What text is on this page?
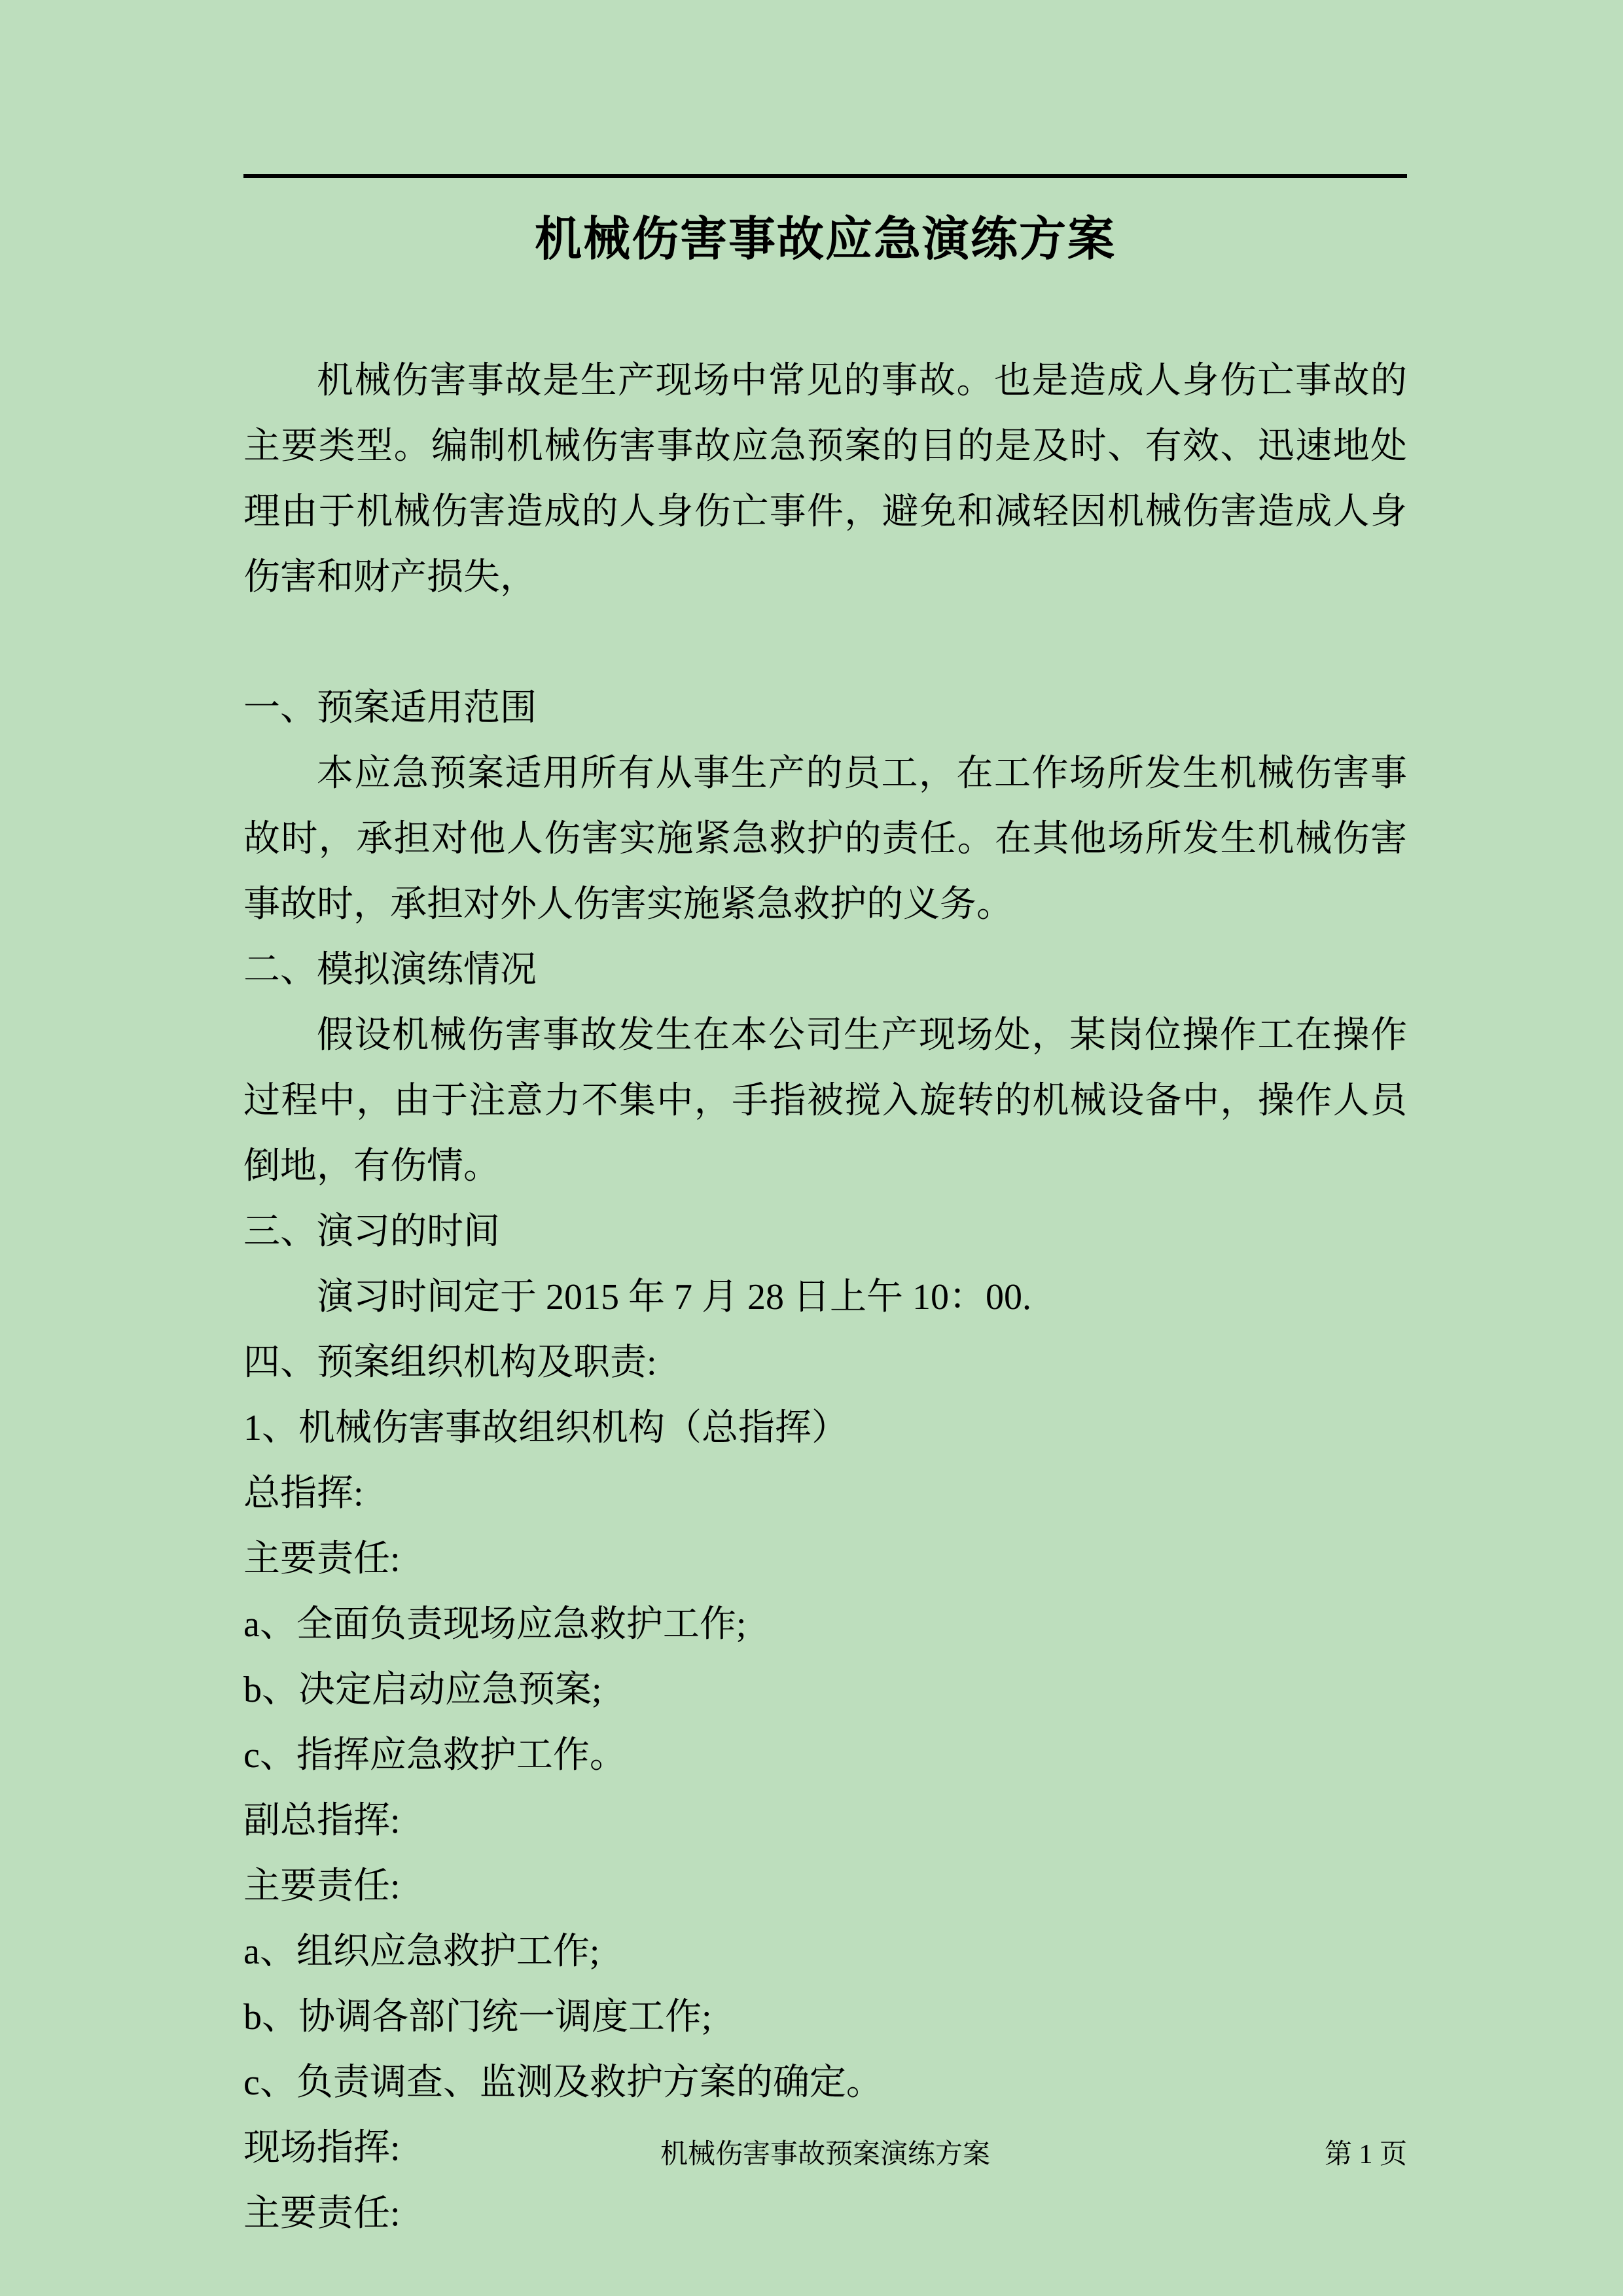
机械伤害事故应急演练方案

机械伤害事故是生产现场中常见的事故。也是造成人身伤亡事故的主要类型。编制机械伤害事故应急预案的目的是及时、有效、迅速地处理由于机械伤害造成的人身伤亡事件，避免和减轻因机械伤害造成人身伤害和财产损失，

一、预案适用范围

本应急预案适用所有从事生产的员工，在工作场所发生机械伤害事故时，承担对他人伤害实施紧急救护的责任。在其他场所发生机械伤害事故时，承担对外人伤害实施紧急救护的义务。

二、模拟演练情况

假设机械伤害事故发生在本公司生产现场处，某岗位操作工在操作过程中，由于注意力不集中，手指被搅入旋转的机械设备中，操作人员倒地，有伤情。

三、演习的时间

演习时间定于 2015 年 7 月 28 日上午 10：00.

四、预案组织机构及职责:

1、机械伤害事故组织机构（总指挥）

总指挥:

主要责任:

a、全面负责现场应急救护工作;

b、决定启动应急预案;

c、指挥应急救护工作。

副总指挥:

主要责任:

a、组织应急救护工作;

b、协调各部门统一调度工作;

c、负责调查、监测及救护方案的确定。

现场指挥:

主要责任:

机械伤害事故预案演练方案	第 1 页
